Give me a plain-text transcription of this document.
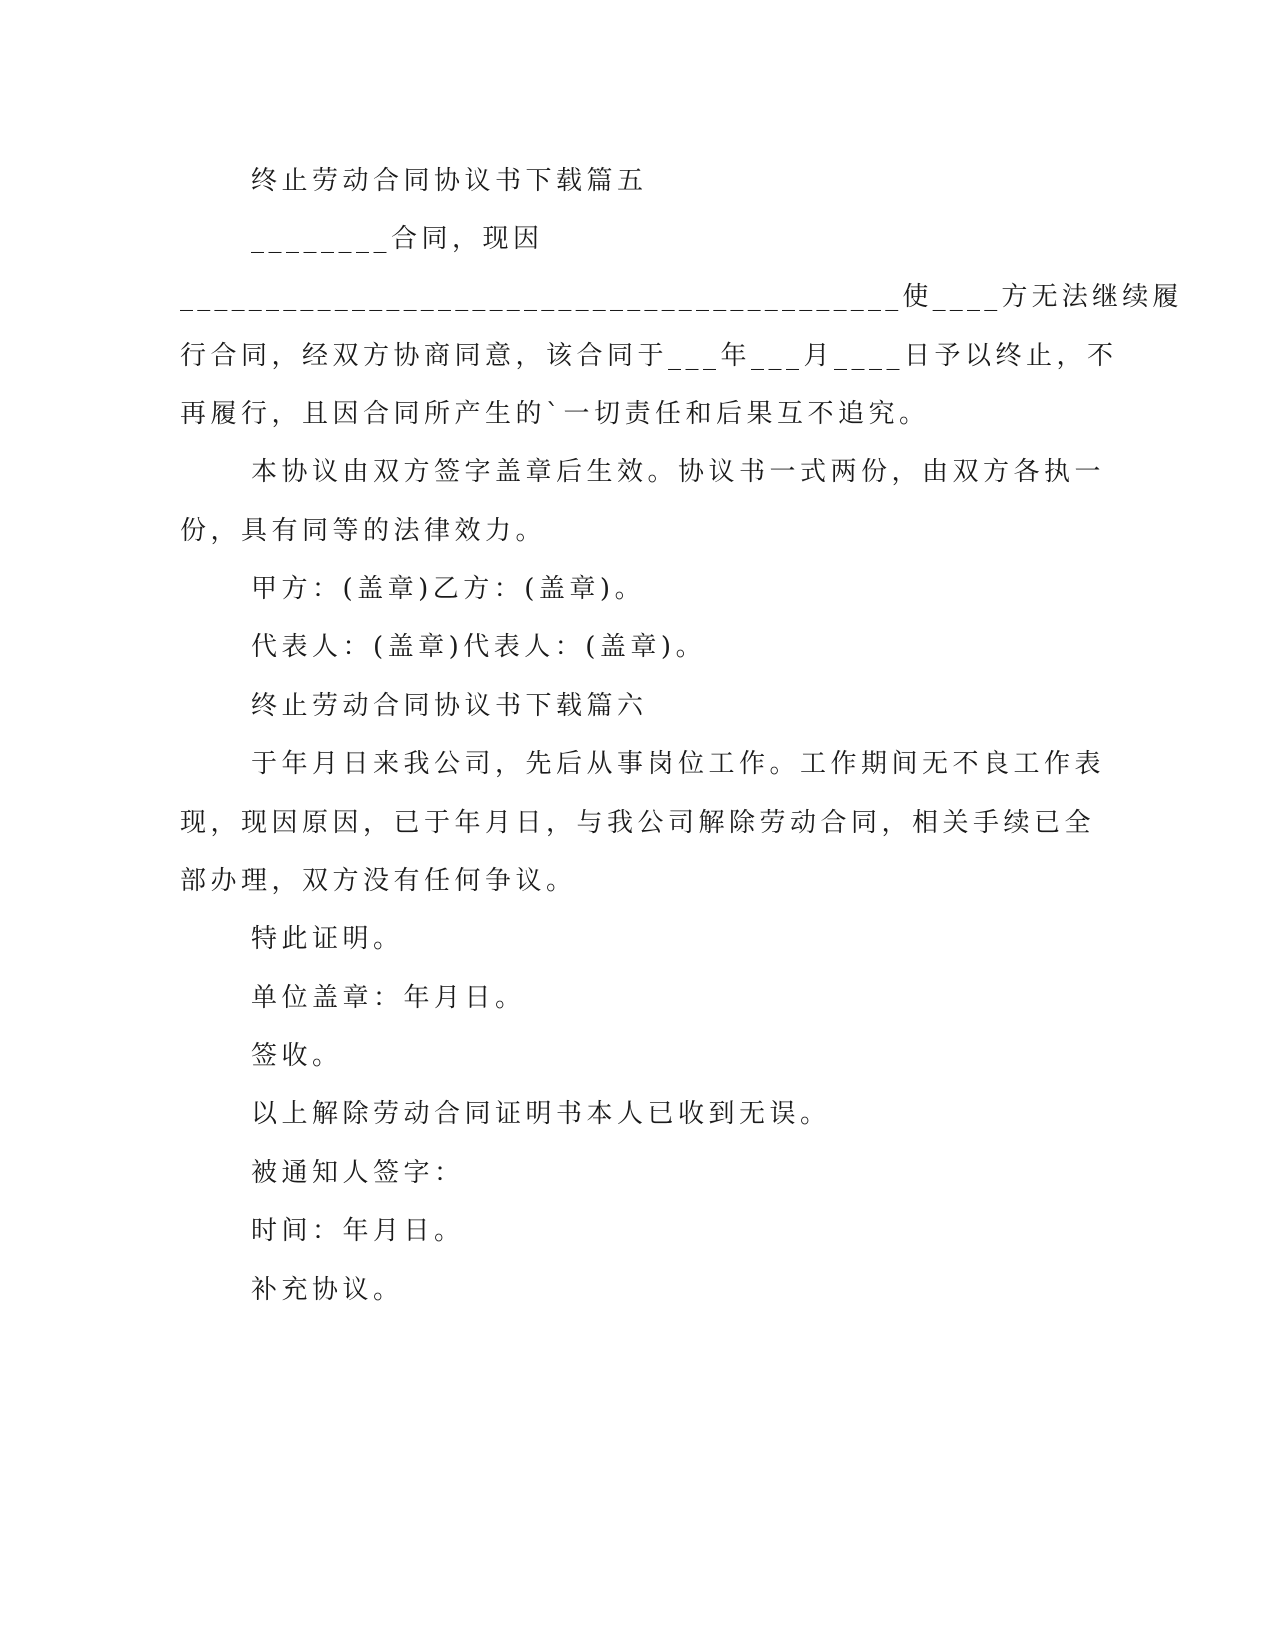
终止劳动合同协议书下载篇五
________合同，现因
__________________________________________使____方无法继续履
行合同，经双方协商同意，该合同于___年___月____日予以终止，不
再履行，且因合同所产生的`一切责任和后果互不追究。
本协议由双方签字盖章后生效。协议书一式两份，由双方各执一
份，具有同等的法律效力。
甲方：(盖章)乙方：(盖章)。
代表人：(盖章)代表人：(盖章)。
终止劳动合同协议书下载篇六
于年月日来我公司，先后从事岗位工作。工作期间无不良工作表
现，现因原因，已于年月日，与我公司解除劳动合同，相关手续已全
部办理，双方没有任何争议。
特此证明。
单位盖章：年月日。
签收。
以上解除劳动合同证明书本人已收到无误。
被通知人签字：
时间：年月日。
补充协议。
